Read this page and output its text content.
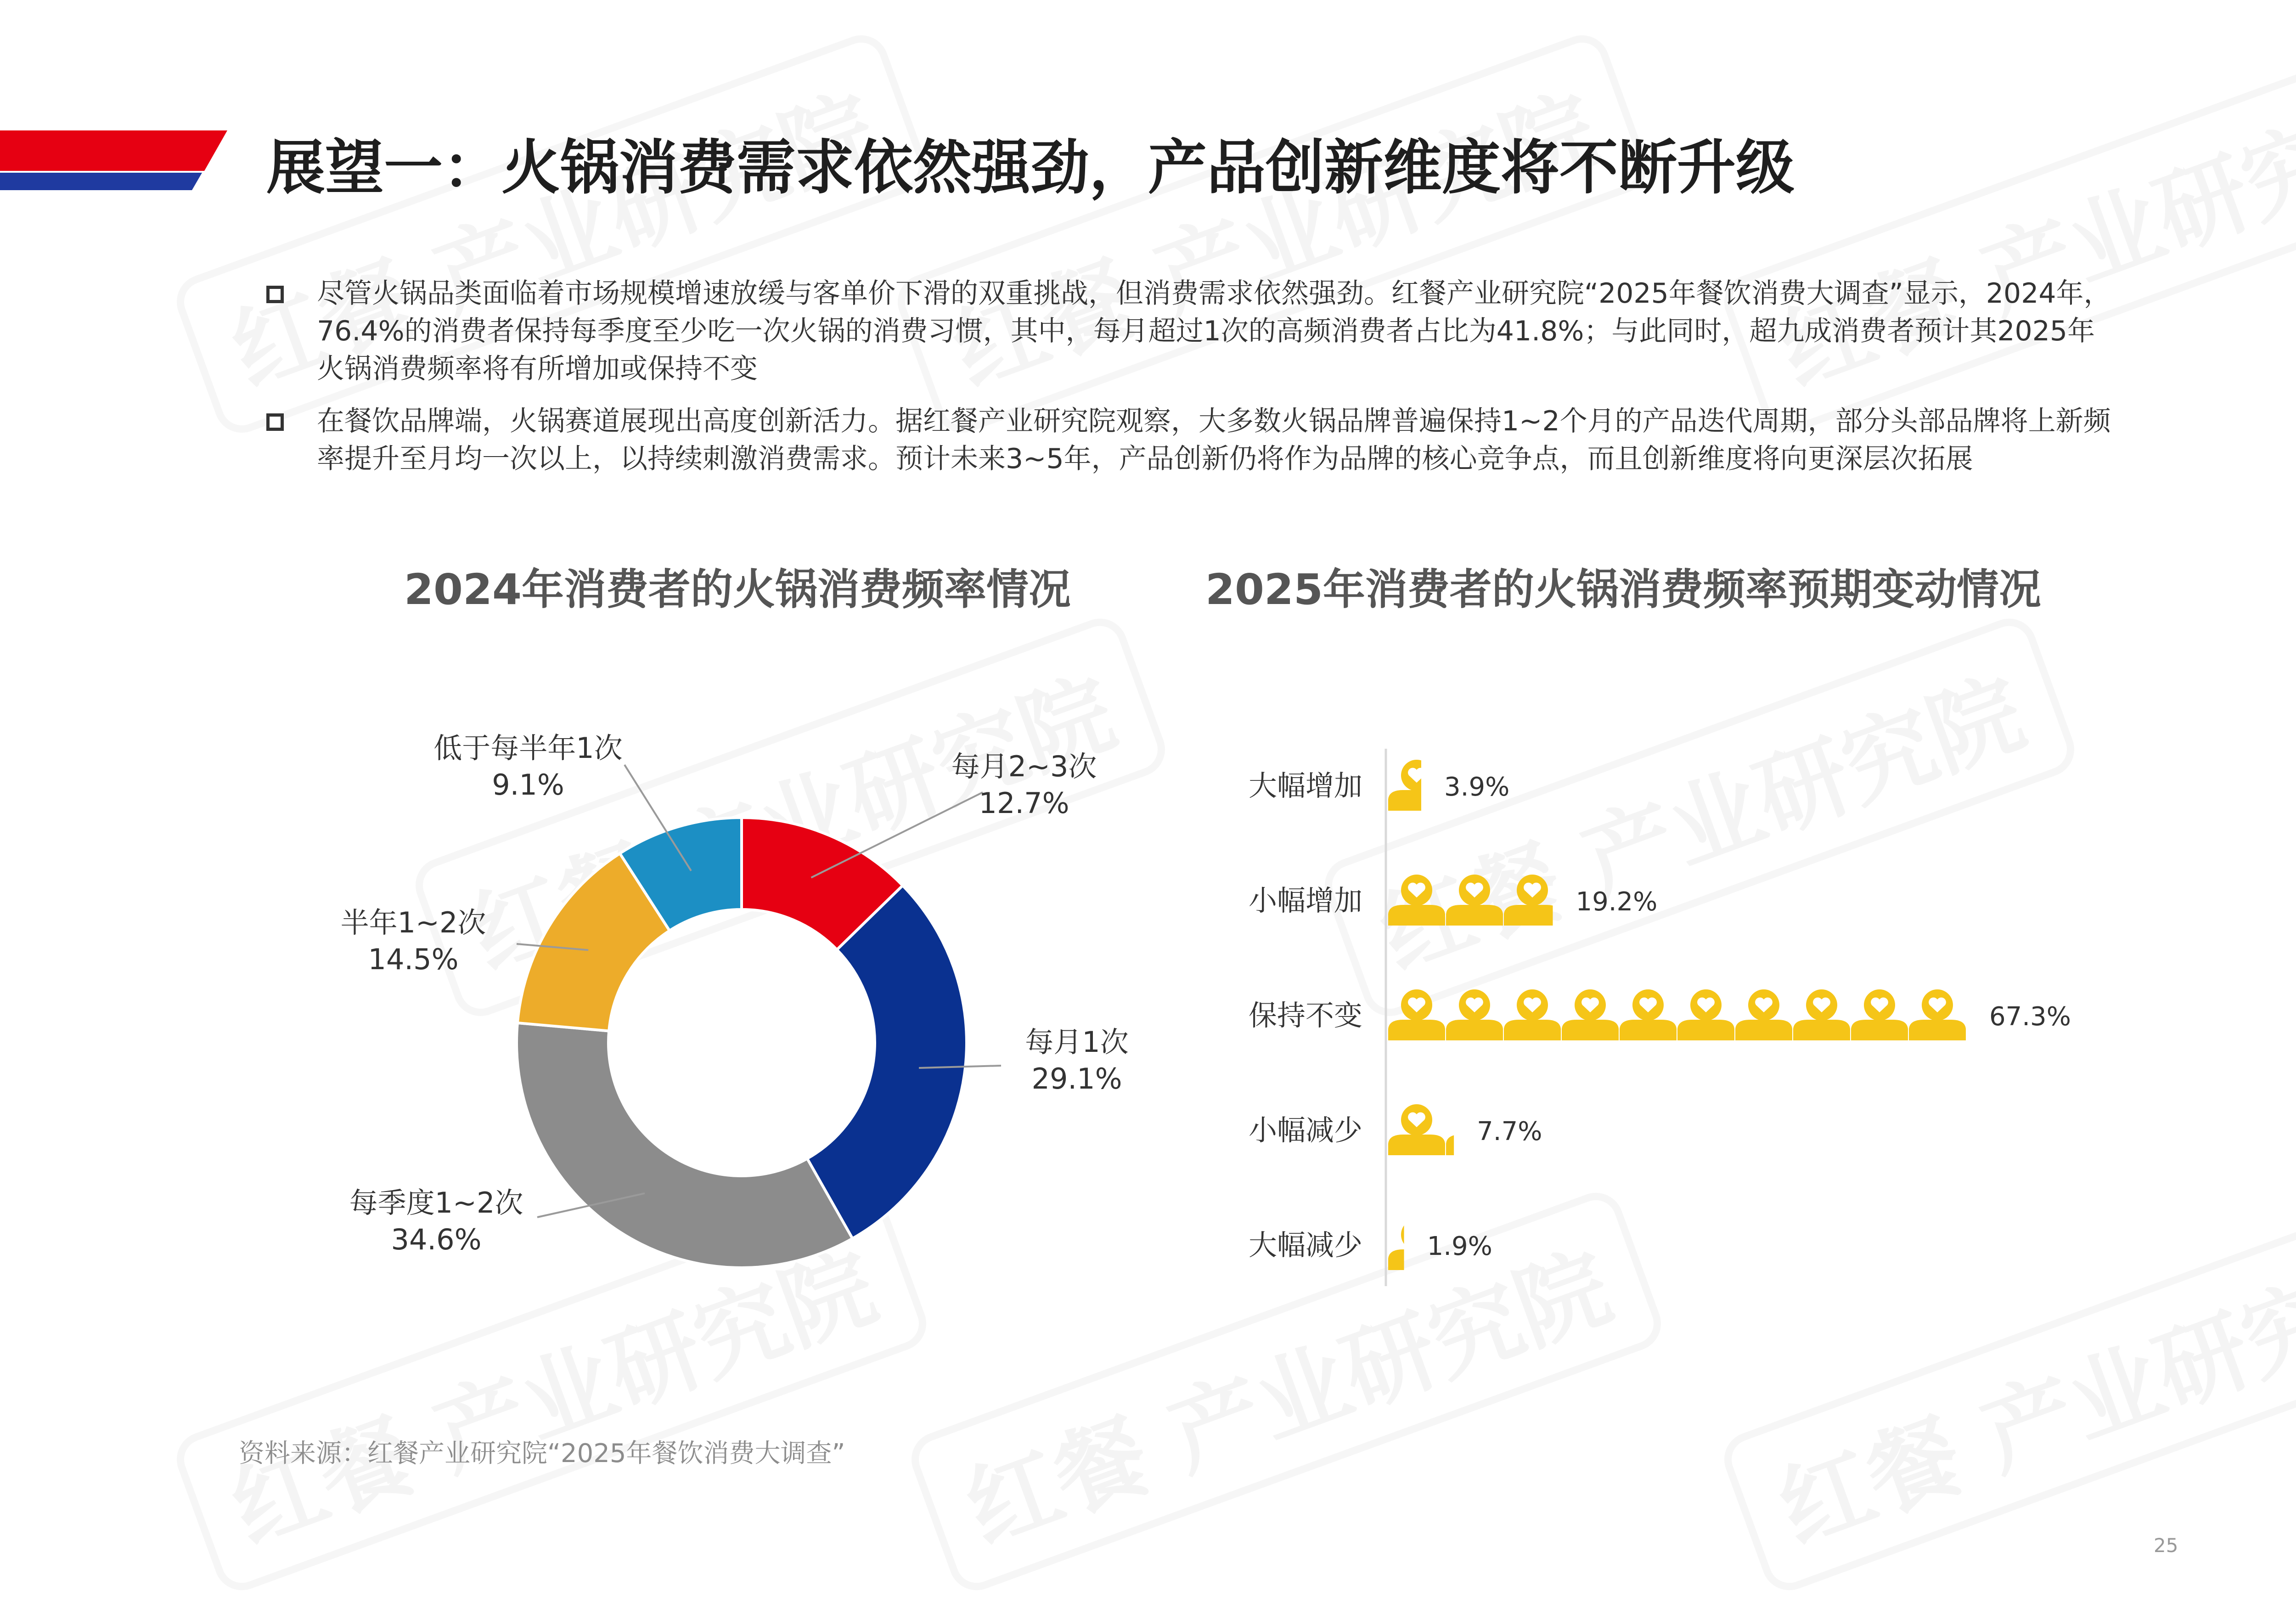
展望一：火锅消费需求依然强劲，产品创新维度将不断升级
尽管火锅品类面临着市场规模增速放缓与客单价下滑的双重挑战，但消费需求依然强劲。红餐产业研究院“2025年餐饮消费大调查”显示，2024年，76.4%的消费者保持每季度至少吃一次火锅的消费习惯，其中，每月超过1次的高频消费者占比为41.8%；与此同时，超九成消费者预计其2025年火锅消费频率将有所增加或保持不变
在餐饮品牌端，火锅赛道展现出高度创新活力。据红餐产业研究院观察，大多数火锅品牌普遍保持1~2个月的产品迭代周期，部分头部品牌将上新频率提升至月均一次以上，以持续刺激消费需求。预计未来3~5年，产品创新仍将作为品牌的核心竞争点，而且创新维度将向更深层次拓展
2024年消费者的火锅消费频率情况	2025年消费者的火锅消费频率预期变动情况
每月2~3次
12.7%
每月1次
29.1%
每季度1~2次
34.6%
半年1~2次
14.5%
低于每半年1次
9.1%	大幅增加	3.9%
小幅增加	19.2%
保持不变	67.3%
小幅减少	7.7%
大幅减少	1.9%
资料来源：红餐产业研究院“2025年餐饮消费大调查”
25
